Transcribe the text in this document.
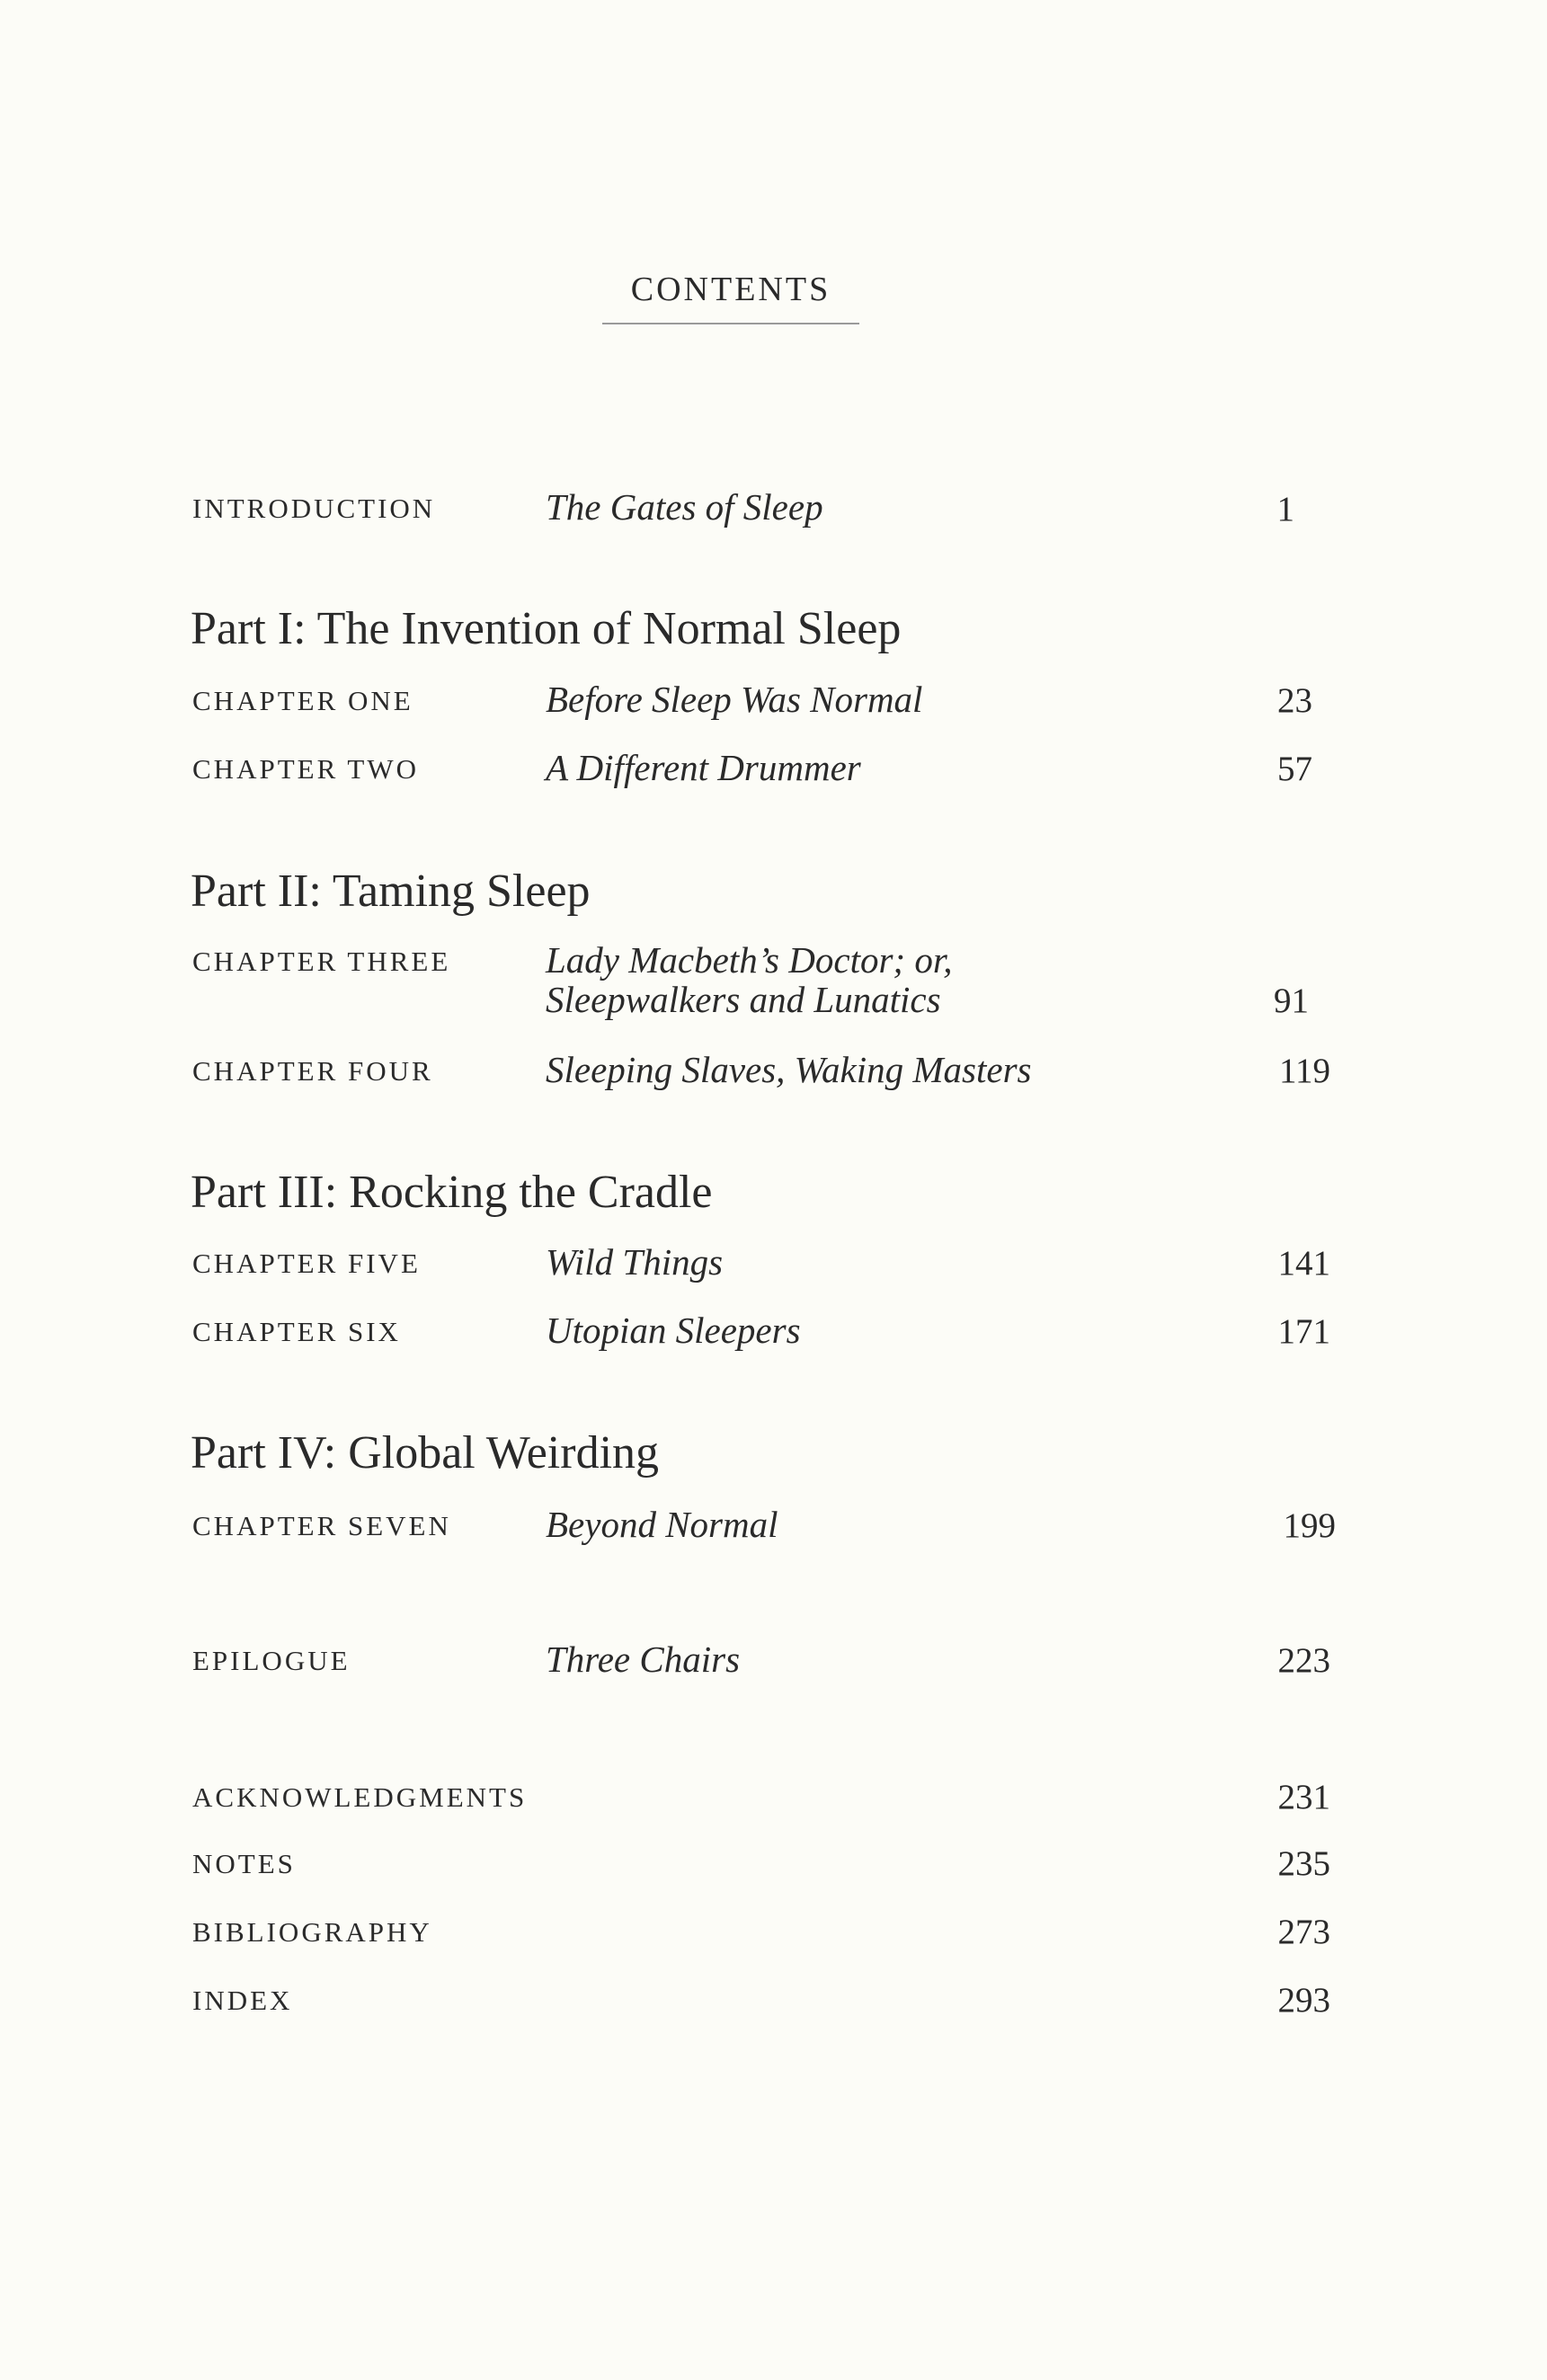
CONTENTS
INTRODUCTION	The Gates of Sleep	1
Part I: The Invention of Normal Sleep
CHAPTER ONE	Before Sleep Was Normal	23
CHAPTER TWO	A Different Drummer	57
Part II: Taming Sleep
CHAPTER THREE	Lady Macbeth’s Doctor; or,
Sleepwalkers and Lunatics	91
CHAPTER FOUR	Sleeping Slaves, Waking Masters	119
Part III: Rocking the Cradle
CHAPTER FIVE	Wild Things	141
CHAPTER SIX	Utopian Sleepers	171
Part IV: Global Weirding
CHAPTER SEVEN	Beyond Normal	199
EPILOGUE	Three Chairs	223
ACKNOWLEDGMENTS	231
NOTES	235
BIBLIOGRAPHY	273
INDEX	293
